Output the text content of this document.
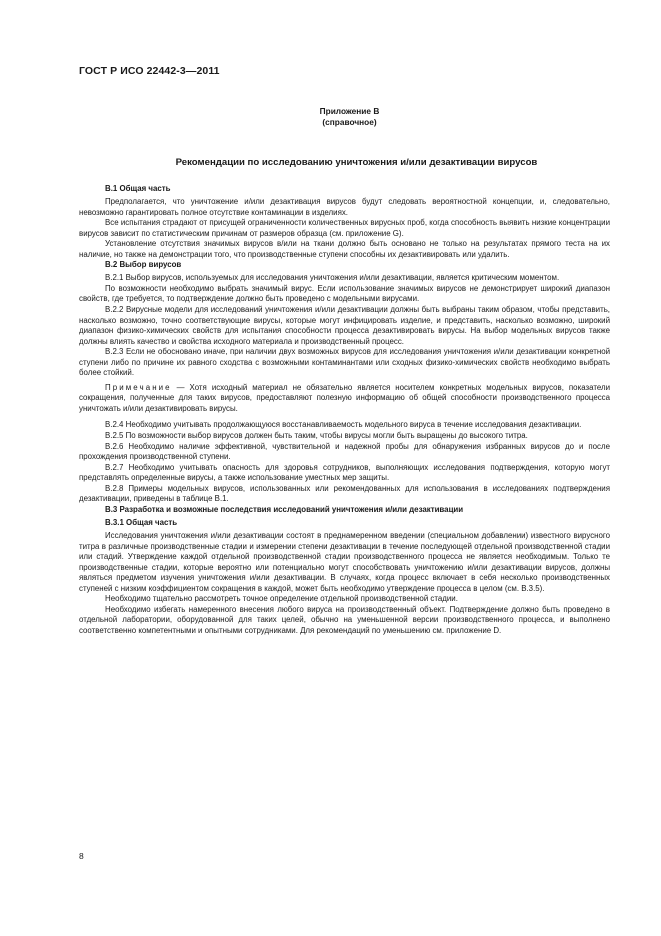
ГОСТ Р ИСО 22442-3—2011
Приложение В
(справочное)
Рекомендации по исследованию уничтожения и/или дезактивации вирусов

В.1 Общая часть

Предполагается, что уничтожение и/или дезактивация вирусов будут следовать вероятностной концепции, и, следовательно, невозможно гарантировать полное отсутствие контаминации в изделиях.

Все испытания страдают от присущей ограниченности количественных вирусных проб, когда способность выявить низкие концентрации вирусов зависит по статистическим причинам от размеров образца (см. приложение G).

Установление отсутствия значимых вирусов в/или на ткани должно быть основано не только на результатах прямого теста на их наличие, но также на демонстрации того, что производственные ступени способны их дезактивировать или удалить.

В.2 Выбор вирусов

В.2.1 Выбор вирусов, используемых для исследования уничтожения и/или дезактивации, является критическим моментом.

По возможности необходимо выбрать значимый вирус. Если использование значимых вирусов не демонстрирует широкий диапазон свойств, где требуется, то подтверждение должно быть проведено с модельными вирусами.

В.2.2 Вирусные модели для исследований уничтожения и/или дезактивации должны быть выбраны таким образом, чтобы представить, насколько возможно, точно соответствующие вирусы, которые могут инфицировать изделие, и представить, насколько возможно, широкий диапазон физико-химических свойств для испытания способности процесса дезактивировать вирусы. На выбор модельных вирусов также должны влиять качество и свойства исходного материала и производственный процесс.

В.2.3 Если не обосновано иначе, при наличии двух возможных вирусов для исследования уничтожения и/или дезактивации конкретной ступени либо по причине их равного сходства с возможными контаминантами или сходных физико-химических свойств необходимо выбрать более стойкий.

Примечание — Хотя исходный материал не обязательно является носителем конкретных модельных вирусов, показатели сокращения, полученные для таких вирусов, предоставляют полезную информацию об общей способности производственного процесса уничтожать и/или дезактивировать вирусы.

В.2.4 Необходимо учитывать продолжающуюся восстанавливаемость модельного вируса в течение исследования дезактивации.

В.2.5 По возможности выбор вирусов должен быть таким, чтобы вирусы могли быть выращены до высокого титра.

В.2.6 Необходимо наличие эффективной, чувствительной и надежной пробы для обнаружения избранных вирусов до и после прохождения производственной ступени.

В.2.7 Необходимо учитывать опасность для здоровья сотрудников, выполняющих исследования подтверждения, которую могут представлять определенные вирусы, а также использование уместных мер защиты.

В.2.8 Примеры модельных вирусов, использованных или рекомендованных для использования в исследованиях подтверждения дезактивации, приведены в таблице В.1.

В.3 Разработка и возможные последствия исследований уничтожения и/или дезактивации

В.3.1 Общая часть

Исследования уничтожения и/или дезактивации состоят в преднамеренном введении (специальном добавлении) известного вирусного титра в различные производственные стадии и измерении степени дезактивации в течение последующей отдельной производственной стадии или стадий. Утверждение каждой отдельной производственной стадии производственного процесса не является необходимым. Только те производственные стадии, которые вероятно или потенциально могут способствовать уничтожению и/или дезактивации вирусов, должны являться предметом изучения уничтожения и/или дезактивации. В случаях, когда процесс включает в себя несколько производственных ступеней с низким коэффициентом сокращения в каждой, может быть необходимо утверждение процесса в целом (см. В.3.5).

Необходимо тщательно рассмотреть точное определение отдельной производственной стадии.

Необходимо избегать намеренного внесения любого вируса на производственный объект. Подтверждение должно быть проведено в отдельной лаборатории, оборудованной для таких целей, обычно на уменьшенной версии производственного процесса, и выполнено соответственно компетентными и опытными сотрудниками. Для рекомендаций по уменьшению см. приложение D.

8
